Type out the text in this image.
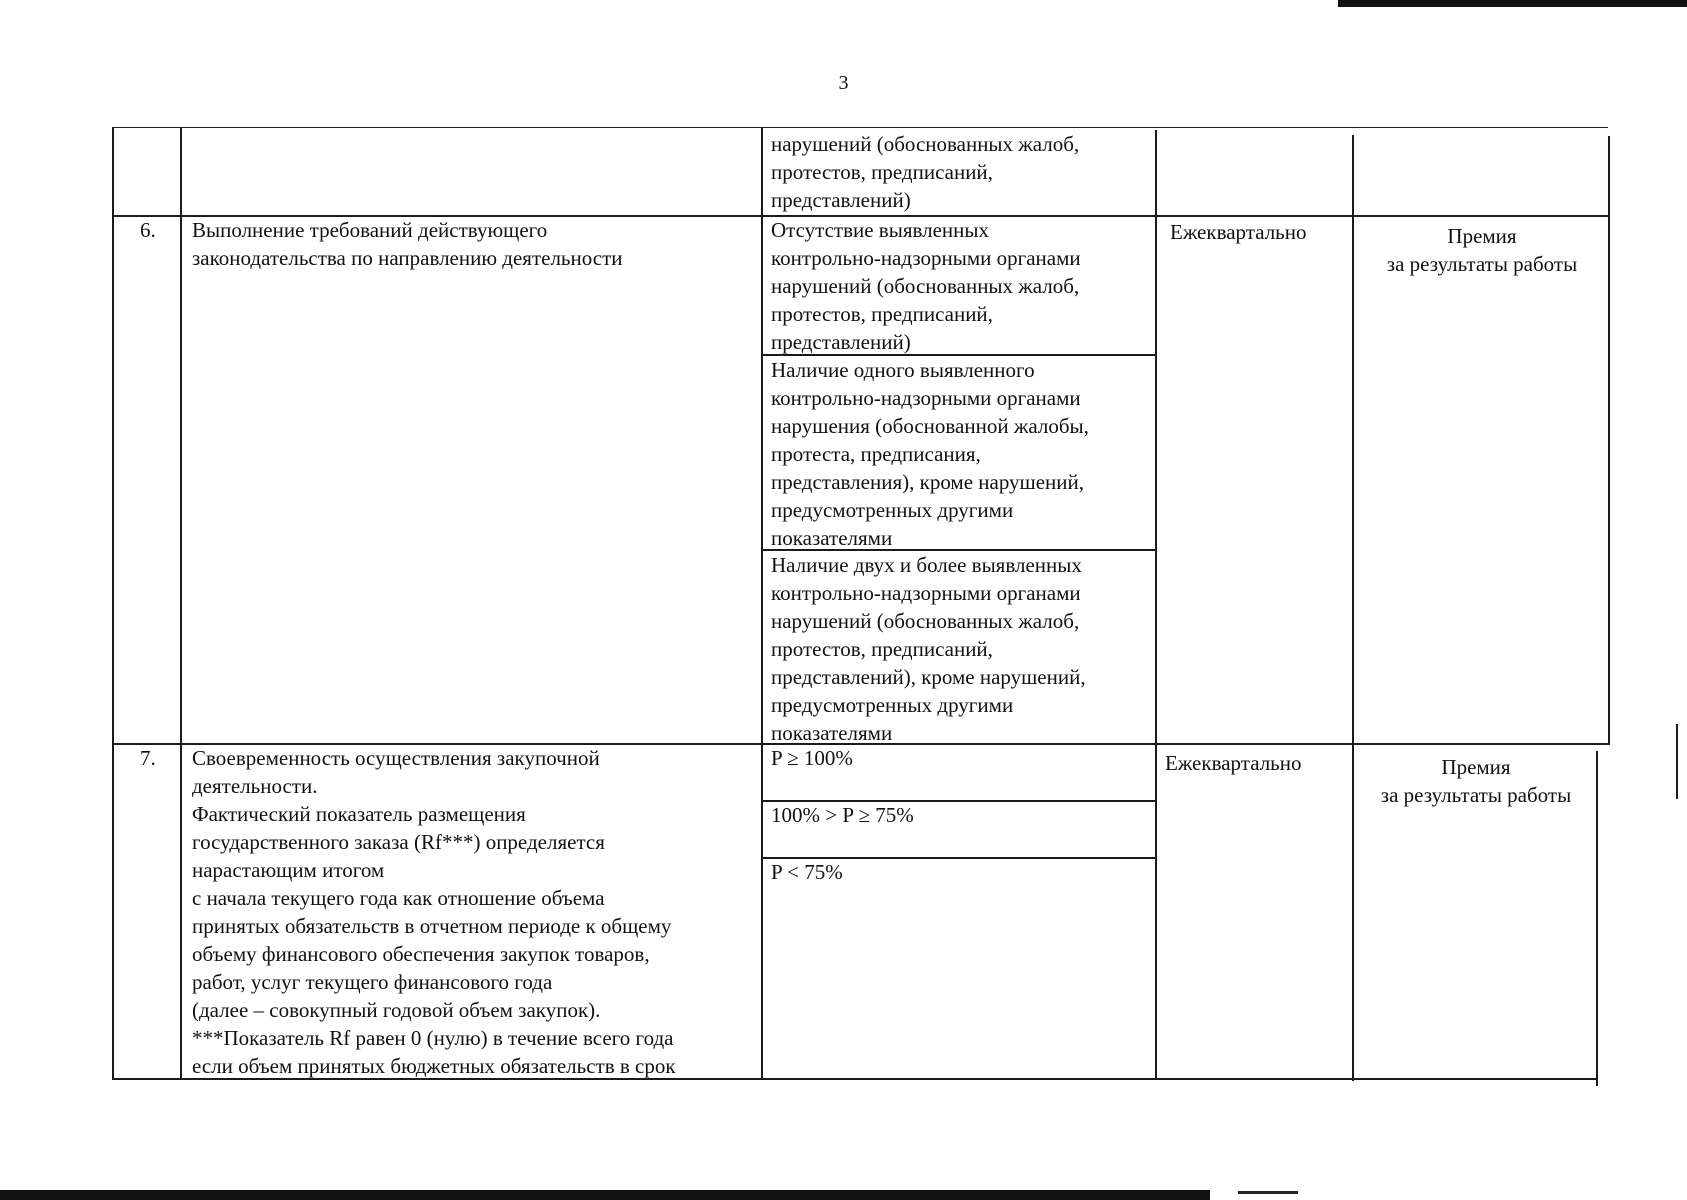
3
нарушений (обоснованных жалоб,
протестов, предписаний,
представлений)
6. Выполнение требований действующего
законодательства по направлению деятельности
Отсутствие выявленных
контрольно-надзорными органами
нарушений (обоснованных жалоб,
протестов, предписаний,
представлений)
Наличие одного выявленного
контрольно-надзорными органами
нарушения (обоснованной жалобы,
протеста, предписания,
представления), кроме нарушений,
предусмотренных другими
показателями
Наличие двух и более выявленных
контрольно-надзорными органами
нарушений (обоснованных жалоб,
протестов, предписаний,
представлений), кроме нарушений,
предусмотренных другими
показателями
Ежеквартально	Премия
за результаты работы
7. Своевременность осуществления закупочной
деятельности.
Фактический показатель размещения
государственного заказа (Rf***) определяется
нарастающим итогом
с начала текущего года как отношение объема
принятых обязательств в отчетном периоде к общему
объему финансового обеспечения закупок товаров,
работ, услуг текущего финансового года
(далее – совокупный годовой объем закупок).
***Показатель Rf равен 0 (нулю) в течение всего года
если объем принятых бюджетных обязательств в срок
P ≥ 100%
100% > P ≥ 75%
P < 75%
Ежеквартально	Премия
за результаты работы
